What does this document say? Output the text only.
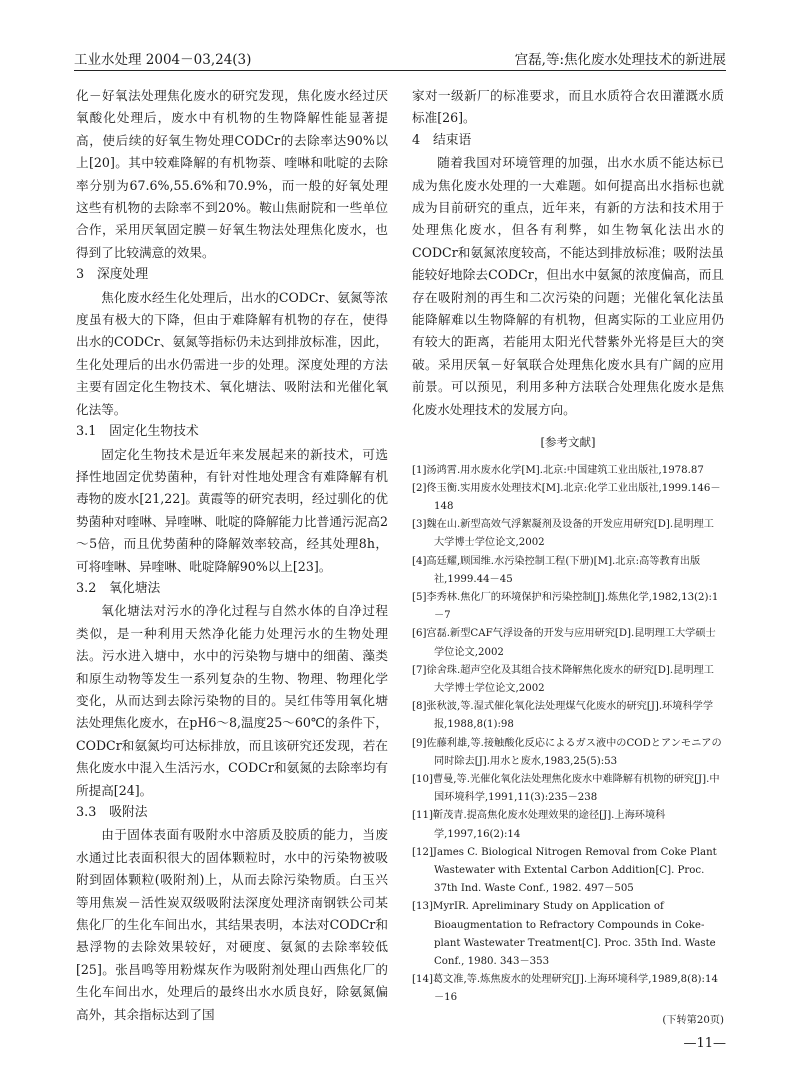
工业水处理 2004－03,24(3)	宫磊,等:焦化废水处理技术的新进展

化－好氧法处理焦化废水的研究发现，焦化废水经过厌氧酸化处理后，废水中有机物的生物降解性能显著提高，使后续的好氧生物处理CODCr的去除率达90%以上[20]。其中较难降解的有机物萘、喹啉和吡啶的去除率分别为67.6%,55.6%和70.9%，而一般的好氧处理这些有机物的去除率不到20%。鞍山焦耐院和一些单位合作，采用厌氧固定膜－好氧生物法处理焦化废水，也得到了比较满意的效果。

3　深度处理

焦化废水经生化处理后，出水的CODCr、氨氮等浓度虽有极大的下降，但由于难降解有机物的存在，使得出水的CODCr、氨氮等指标仍未达到排放标准，因此，生化处理后的出水仍需进一步的处理。深度处理的方法主要有固定化生物技术、氧化塘法、吸附法和光催化氧化法等。

3.1　固定化生物技术

固定化生物技术是近年来发展起来的新技术，可选择性地固定优势菌种，有针对性地处理含有难降解有机毒物的废水[21,22]。黄霞等的研究表明，经过驯化的优势菌种对喹啉、异喹啉、吡啶的降解能力比普通污泥高2～5倍，而且优势菌种的降解效率较高，经其处理8h，可将喹啉、异喹啉、吡啶降解90%以上[23]。

3.2　氧化塘法

氧化塘法对污水的净化过程与自然水体的自净过程类似，是一种利用天然净化能力处理污水的生物处理法。污水进入塘中，水中的污染物与塘中的细菌、藻类和原生动物等发生一系列复杂的生物、物理、物理化学变化，从而达到去除污染物的目的。吴红伟等用氧化塘法处理焦化废水，在pH6～8,温度25～60℃的条件下，CODCr和氨氮均可达标排放，而且该研究还发现，若在焦化废水中混入生活污水，CODCr和氨氮的去除率均有所提高[24]。

3.3　吸附法

由于固体表面有吸附水中溶质及胶质的能力，当废水通过比表面积很大的固体颗粒时，水中的污染物被吸附到固体颗粒(吸附剂)上，从而去除污染物质。白玉兴等用焦炭－活性炭双级吸附法深度处理济南钢铁公司某焦化厂的生化车间出水，其结果表明，本法对CODCr和悬浮物的去除效果较好，对硬度、氨氮的去除率较低[25]。张昌鸣等用粉煤灰作为吸附剂处理山西焦化厂的生化车间出水，处理后的最终出水水质良好，除氨氮偏高外，其余指标达到了国

家对一级新厂的标准要求，而且水质符合农田灌溉水质标准[26]。

4　结束语

随着我国对环境管理的加强，出水水质不能达标已成为焦化废水处理的一大难题。如何提高出水指标也就成为目前研究的重点，近年来，有新的方法和技术用于处理焦化废水，但各有利弊，如生物氧化法出水的CODCr和氨氮浓度较高，不能达到排放标准；吸附法虽能较好地除去CODCr，但出水中氨氮的浓度偏高，而且存在吸附剂的再生和二次污染的问题；光催化氧化法虽能降解难以生物降解的有机物，但离实际的工业应用仍有较大的距离，若能用太阳光代替紫外光将是巨大的突破。采用厌氧－好氧联合处理焦化废水具有广阔的应用前景。可以预见，利用多种方法联合处理焦化废水是焦化废水处理技术的发展方向。

[参考文献]
[1]汤鸿霄.用水废水化学[M].北京:中国建筑工业出版社,1978.87
[2]佟玉衡.实用废水处理技术[M].北京:化学工业出版社,1999.146－148
[3]魏在山.新型高效气浮絮凝剂及设备的开发应用研究[D].昆明理工大学博士学位论文,2002
[4]高廷耀,顾国维.水污染控制工程(下册)[M].北京:高等教育出版社,1999.44－45
[5]李秀林.焦化厂的环境保护和污染控制[J].炼焦化学,1982,13(2):1－7
[6]宫磊.新型CAF气浮设备的开发与应用研究[D].昆明理工大学硕士学位论文,2002
[7]徐舍珠.超声空化及其组合技术降解焦化废水的研究[D].昆明理工大学博士学位论文,2002
[8]张秋波,等.湿式催化氧化法处理煤气化废水的研究[J].环境科学学报,1988,8(1):98
[9]佐藤利雄,等.接触酸化反応によるガス液中のCODとアンモニアの同时除去[J].用水と废水,1983,25(5):53
[10]曹曼,等.光催化氧化法处理焦化废水中难降解有机物的研究[J].中国环境科学,1991,11(3):235－238
[11]靳茂青.提高焦化废水处理效果的途径[J].上海环境科学,1997,16(2):14
[12]James C. Biological Nitrogen Removal from Coke Plant Wastewater with Extental Carbon Addition[C]. Proc. 37th Ind. Waste Conf., 1982. 497－505
[13]MyrIR. Apreliminary Study on Application of Bioaugmentation to Refractory Compounds in Coke-plant Wastewater Treatment[C]. Proc. 35th Ind. Waste Conf., 1980. 343－353
[14]葛文准,等.炼焦废水的处理研究[J].上海环境科学,1989,8(8):14－16
(下转第20页)
—11—
